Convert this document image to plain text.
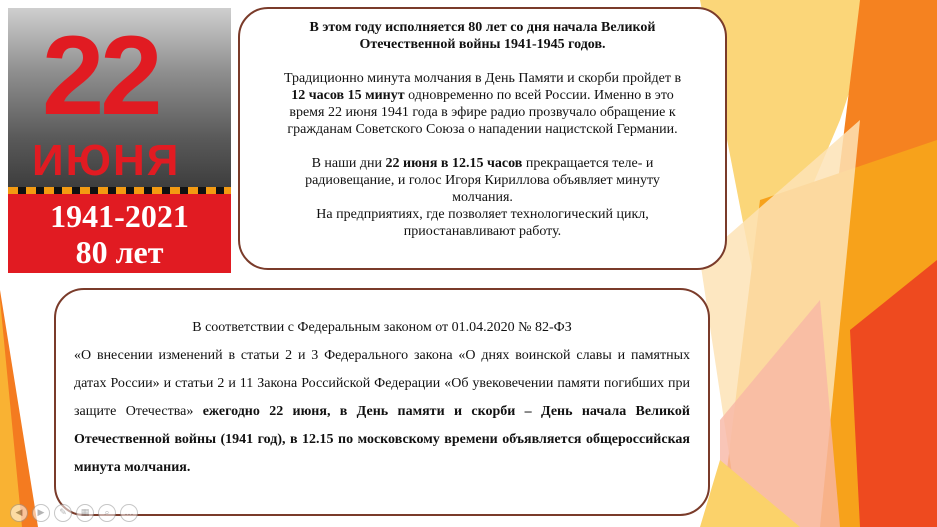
22
ИЮНЯ
1941-2021
80 лет

В этом году исполняется 80 лет со дня начала Великой
Отечественной войны 1941-1945 годов.

Традиционно минута молчания в День Памяти и скорби пройдет в
12 часов 15 минут одновременно по всей России. Именно в это
время 22 июня 1941 года в эфире радио прозвучало обращение к
гражданам Советского Союза о нападении нацистской Германии.

В наши дни 22 июня в 12.15 часов прекращается теле- и
радиовещание, и голос Игоря Кириллова объявляет минуту
молчания.
На предприятиях, где позволяет технологический цикл,
приостанавливают работу.

В соответствии с Федеральным законом от 01.04.2020 № 82-ФЗ

«О внесении изменений в статьи 2 и 3 Федерального закона «О днях воинской славы и памятных датах России» и статьи 2 и 11 Закона Российской Федерации «Об увековечении памяти погибших при защите Отечества» ежегодно 22 июня, в День памяти и скорби – День начала Великой Отечественной войны (1941 год), в 12.15 по московскому времени объявляется общероссийская минута молчания.

◀	▶	✎	▦	⌕	…
